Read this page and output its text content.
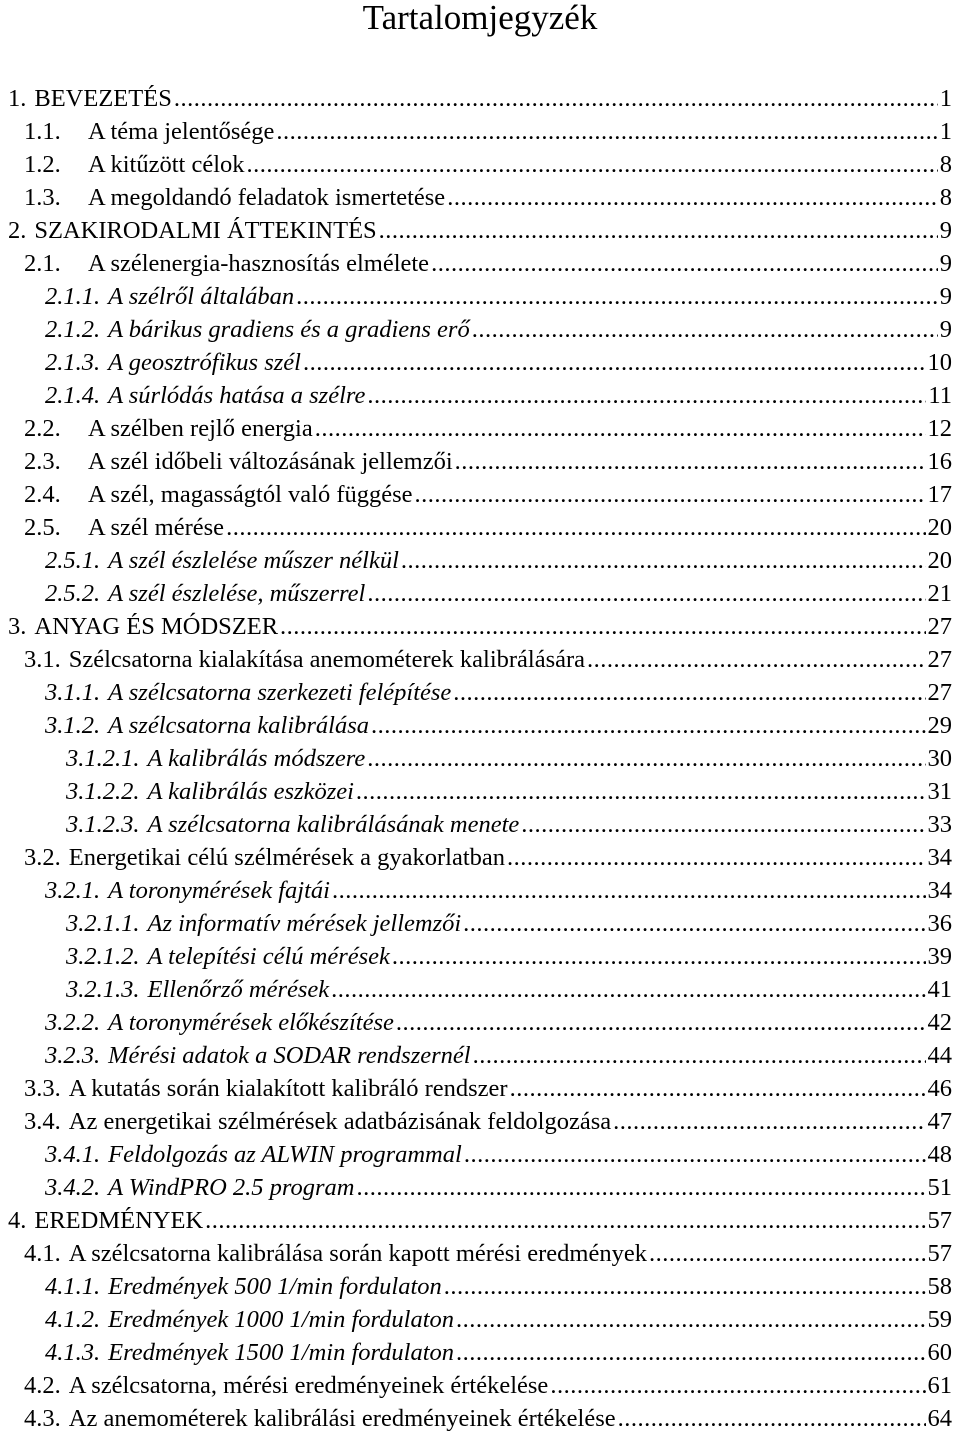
Tartalomjegyzék
1. BEVEZETÉS .....	1
1.1.	A téma jelentősége .....	1
1.2.	A kitűzött célok .....	8
1.3.	A megoldandó feladatok ismertetése .....	8
2. SZAKIRODALMI ÁTTEKINTÉS .....	9
2.1.	A szélenergia-hasznosítás elmélete .....	9
2.1.1. A szélről általában .....	9
2.1.2. A bárikus gradiens és a gradiens erő .....	9
2.1.3. A geosztrófikus szél .....	10
2.1.4. A súrlódás hatása a szélre .....	11
2.2.	A szélben rejlő energia .....	12
2.3.	A szél időbeli változásának jellemzői .....	16
2.4.	A szél, magasságtól való függése .....	17
2.5.	A szél mérése .....	20
2.5.1. A szél észlelése műszer nélkül .....	20
2.5.2. A szél észlelése, műszerrel .....	21
3. ANYAG ÉS MÓDSZER .....	27
3.1. Szélcsatorna kialakítása anemométerek kalibrálására .....	27
3.1.1. A szélcsatorna szerkezeti felépítése .....	27
3.1.2. A szélcsatorna kalibrálása .....	29
3.1.2.1. A kalibrálás módszere .....	30
3.1.2.2. A kalibrálás eszközei .....	31
3.1.2.3. A szélcsatorna kalibrálásának menete .....	33
3.2. Energetikai célú szélmérések a gyakorlatban .....	34
3.2.1. A toronymérések fajtái .....	34
3.2.1.1. Az informatív mérések jellemzői .....	36
3.2.1.2. A telepítési célú mérések .....	39
3.2.1.3. Ellenőrző mérések .....	41
3.2.2. A toronymérések előkészítése .....	42
3.2.3. Mérési adatok a SODAR rendszernél .....	44
3.3. A kutatás során kialakított kalibráló rendszer .....	46
3.4. Az energetikai szélmérések adatbázisának feldolgozása .....	47
3.4.1. Feldolgozás az ALWIN programmal .....	48
3.4.2. A WindPRO 2.5 program .....	51
4. EREDMÉNYEK .....	57
4.1. A szélcsatorna kalibrálása során kapott mérési eredmények .....	57
4.1.1. Eredmények 500 1/min fordulaton .....	58
4.1.2. Eredmények 1000 1/min fordulaton .....	59
4.1.3. Eredmények 1500 1/min fordulaton .....	60
4.2. A szélcsatorna, mérési eredményeinek értékelése .....	61
4.3. Az anemométerek kalibrálási eredményeinek értékelése .....	64
